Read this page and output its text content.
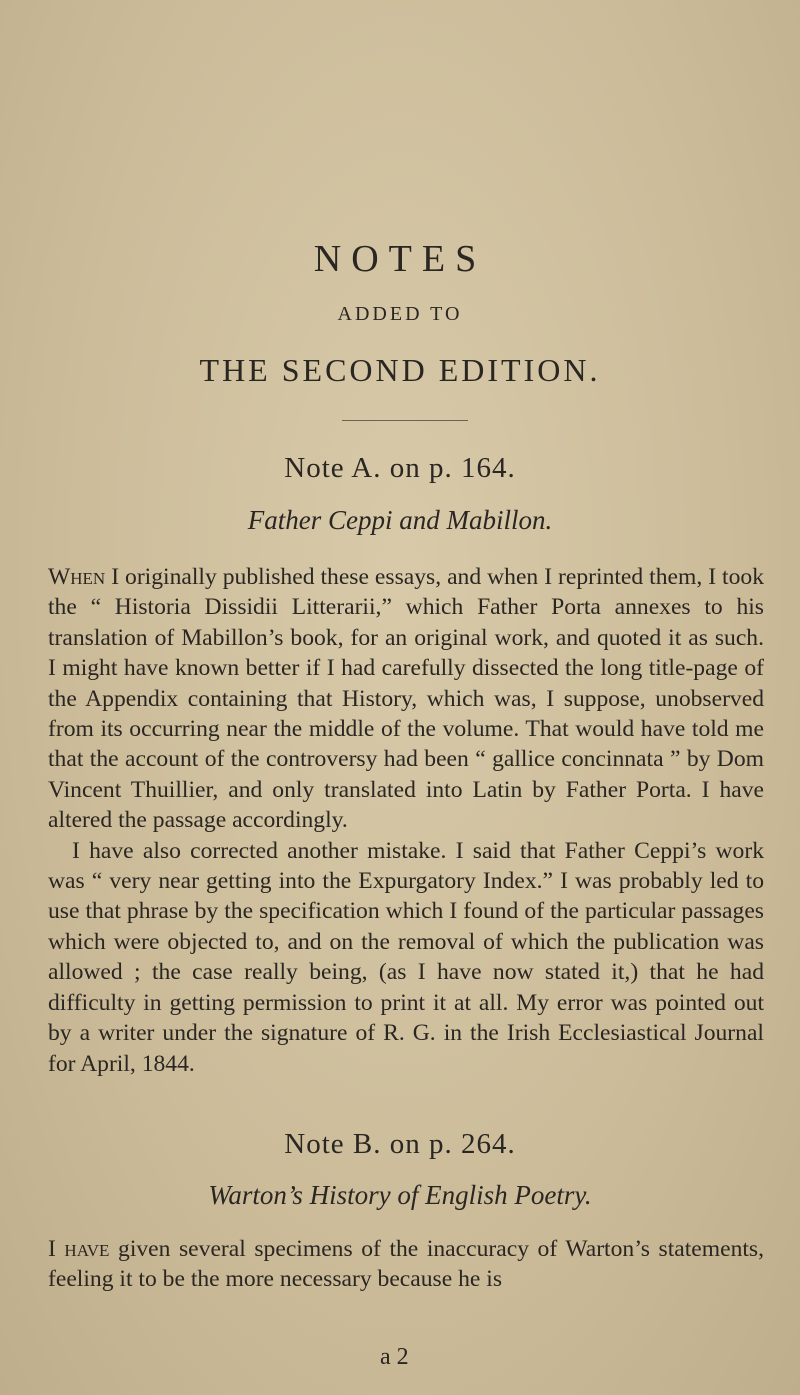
NOTES
ADDED TO
THE SECOND EDITION.
Note A. on p. 164.
Father Ceppi and Mabillon.

When I originally published these essays, and when I reprinted them, I took the “ Historia Dissidii Litterarii,” which Father Porta annexes to his translation of Mabillon’s book, for an original work, and quoted it as such. I might have known better if I had carefully dissected the long title-page of the Appendix containing that History, which was, I suppose, unobserved from its occurring near the middle of the volume. That would have told me that the account of the controversy had been “ gallice concinnata ” by Dom Vincent Thuillier, and only translated into Latin by Father Porta. I have altered the passage accordingly.

I have also corrected another mistake. I said that Father Ceppi’s work was “ very near getting into the Expurgatory Index.” I was probably led to use that phrase by the specification which I found of the particular passages which were objected to, and on the removal of which the publication was allowed ; the case really being, (as I have now stated it,) that he had difficulty in getting permission to print it at all. My error was pointed out by a writer under the signature of R. G. in the Irish Ecclesiastical Journal for April, 1844.

Note B. on p. 264.
Warton’s History of English Poetry.

I have given several specimens of the inaccuracy of Warton’s statements, feeling it to be the more necessary because he is

a 2
